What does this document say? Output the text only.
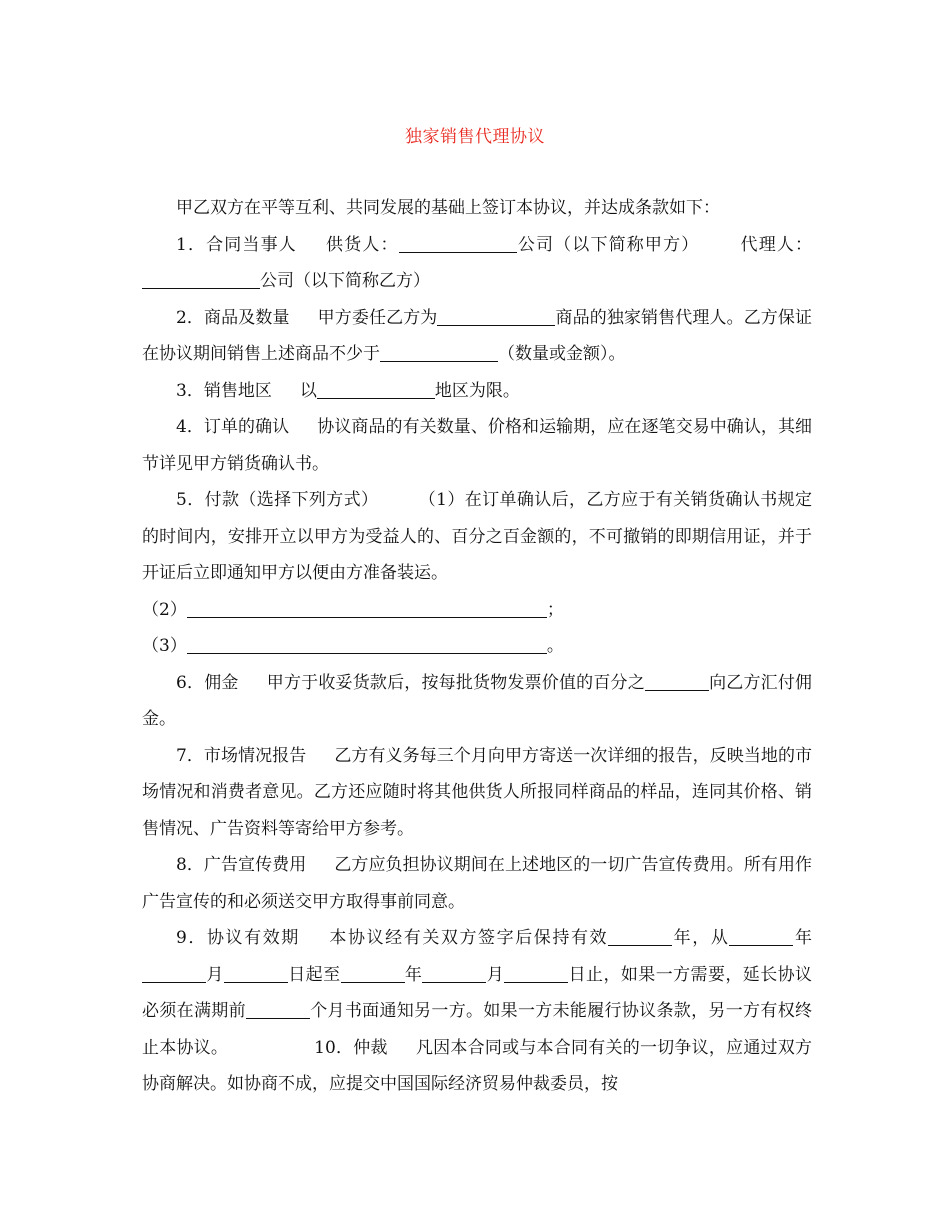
独家销售代理协议

甲乙双方在平等互利、共同发展的基础上签订本协议，并达成条款如下：

1．合同当事人 供货人：	公司（以下简称甲方） 代理人：公司（以下简称乙方）

2．商品及数量 甲方委任乙方为	商品的独家销售代理人。乙方保证在协议期间销售上述商品不少于	（数量或金额）。

3．销售地区 以	地区为限。

4．订单的确认 协议商品的有关数量、价格和运输期，应在逐笔交易中确认，其细节详见甲方销货确认书。

5．付款（选择下列方式） （1）在订单确认后，乙方应于有关销货确认书规定的时间内，安排开立以甲方为受益人的、百分之百金额的，不可撤销的即期信用证，并于开证后立即通知甲方以便由方准备装运。

（2）	；

（3）	。

6．佣金 甲方于收妥货款后，按每批货物发票价值的百分之	向乙方汇付佣金。

7．市场情况报告 乙方有义务每三个月向甲方寄送一次详细的报告，反映当地的市场情况和消费者意见。乙方还应随时将其他供货人所报同样商品的样品，连同其价格、销售情况、广告资料等寄给甲方参考。

8．广告宣传费用 乙方应负担协议期间在上述地区的一切广告宣传费用。所有用作广告宣传的和必须送交甲方取得事前同意。

9．协议有效期 本协议经有关双方签字后保持有效	年，从	年月	日起至	年	月	日止，如果一方需要，延长协议必须在满期前	个月书面通知另一方。如果一方未能履行协议条款，另一方有权终止本协议。	10．仲裁 凡因本合同或与本合同有关的一切争议，应通过双方协商解决。如协商不成，应提交中国国际经济贸易仲裁委员，按
